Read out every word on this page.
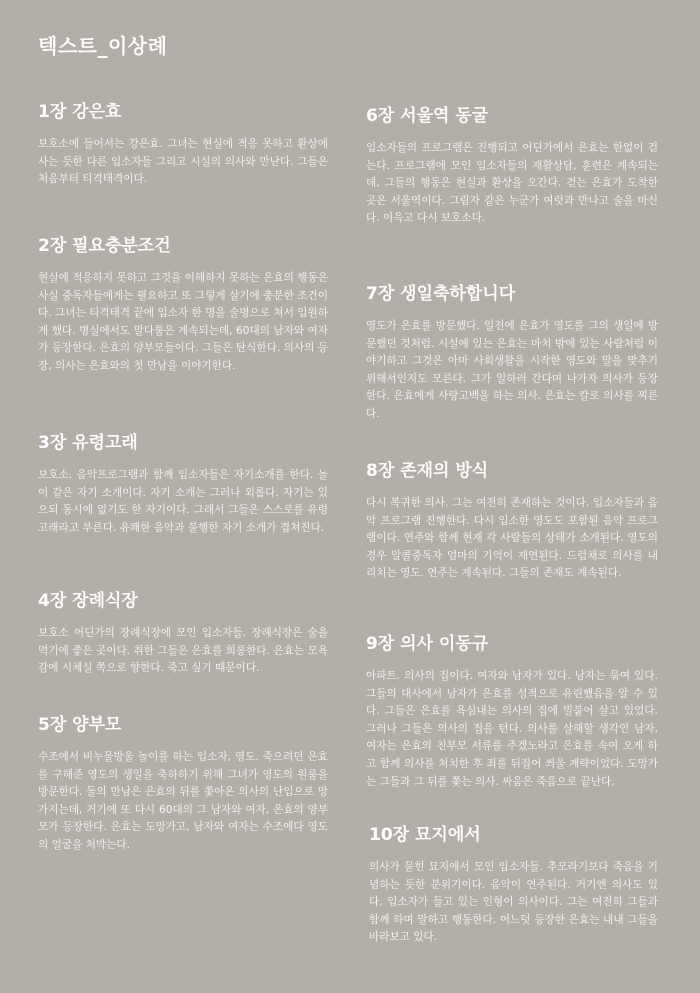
텍스트_이상례
1장 강은효

보호소에 들어서는 강은효. 그녀는 현실에 적응 못하고 환상에 사는 듯한 다른 입소자들 그리고 시설의 의사와 만난다. 그들은 처음부터 티격태격이다.

2장 필요충분조건

현실에 적응하지 못하고 그것을 이해하지 못하는 은효의 행동은 사실 중독자들에게는 필요하고 또 그렇게 살기에 충분한 조건이다. 그녀는 티격태격 끝에 입소자 한 명을 술병으로 쳐서 입원하게 했다. 병실에서도 말다툼은 계속되는데, 60대의 남자와 여자가 등장한다. 은효의 양부모들이다. 그들은 탄식한다. 의사의 등장, 의사는 은효와의 첫 만남을 이야기한다.

3장 유령고래

보호소. 음악프로그램과 함께 입소자들은 자기소개를 한다. 놀이 같은 자기 소개이다. 자기 소개는 그러나 외롭다. 자기는 있으되 동시에 없기도 한 자기이다. 그래서 그들은 스스로를 유령고래라고 부른다. 유쾌한 음악과 불행한 자기 소개가 겹쳐진다.

4장 장례식장

보호소 어딘가의 장례식장에 모인 입소자들. 장례식장은 술을 먹기에 좋은 곳이다. 취한 그들은 은효를 희롱한다. 은효는 모욕감에 시체실 쪽으로 향한다. 죽고 싶기 때문이다.

5장 양부모

수조에서 비누물방울 놀이를 하는 입소자, 영도. 죽으려던 은효를 구해준 영도의 생일을 축하하기 위해 그녀가 영도의 원룸을 방문한다. 둘의 만남은 은효의 뒤를 쫓아온 의사의 난입으로 망가지는데, 거기에 또 다시 60대의 그 남자와 여자, 은효의 양부모가 등장한다. 은효는 도망가고, 남자와 여자는 수조에다 영도의 얼굴을 처박는다.

6장 서울역 동굴

입소자들의 프로그램은 진행되고 어딘가에서 은효는 한없이 걷는다. 프로그램에 모인 입소자들의 재활상담, 훈련은 계속되는데, 그들의 행동은 현실과 환상을 오간다. 걷는 은효가 도착한 곳은 서울역이다. 그림자 같은 누군가 여럿과 만나고 술을 마신다. 이윽고 다시 보호소다.

7장 생일축하합니다

영도가 은효를 방문했다. 일전에 은효가 영도를 그의 생일에 방문했던 것처럼. 시설에 있는 은효는 마치 밖에 있는 사람처럼 이야기하고 그것은 아마 사회생활을 시작한 영도와 말을 맞추기 위해서인지도 모른다. 그가 일하러 간다며 나가자 의사가 등장한다. 은효에게 사랑고백을 하는 의사. 은효는 칼로 의사를 찌른다.

8장 존재의 방식

다시 복귀한 의사. 그는 여전히 존재하는 것이다. 입소자들과 음악 프로그램 진행한다. 다시 입소한 영도도 포함된 음악 프로그램이다. 연주와 함께 현재 각 사람들의 상태가 소개된다. 영도의 경우 알콜중독자 엄마의 기억이 재연된다. 드럼채로 의사를 내리치는 영도. 연주는 계속된다. 그들의 존재도 계속된다.

9장 의사 이동규

아파트. 의사의 집이다. 여자와 남자가 있다. 남자는 묶여 있다. 그들의 대사에서 남자가 은효를 성적으로 유린했음을 알 수 있다. 그들은 은효를 욕심내는 의사의 집에 빌붙어 살고 있었다. 그러나 그들은 의사의 집을 턴다. 의사를 살해할 생각인 남자, 여자는 은효의 친부모 서류를 주겠노라고 은효를 속여 오게 하고 함께 의사를 처치한 후 죄를 뒤집어 씌울 계략이었다. 도망가는 그들과 그 뒤를 쫓는 의사. 싸움은 죽음으로 끝난다.

10장 묘지에서

의사가 묻힌 묘지에서 모인 입소자들. 추모라기보다 죽음을 기념하는 듯한 분위기이다. 음악이 연주된다. 거기엔 의사도 있다. 입소자가 들고 있는 인형이 의사이다. 그는 여전히 그들과 함께 하며 말하고 행동한다. 어느덧 등장한 은효는 내내 그들을 바라보고 있다.
